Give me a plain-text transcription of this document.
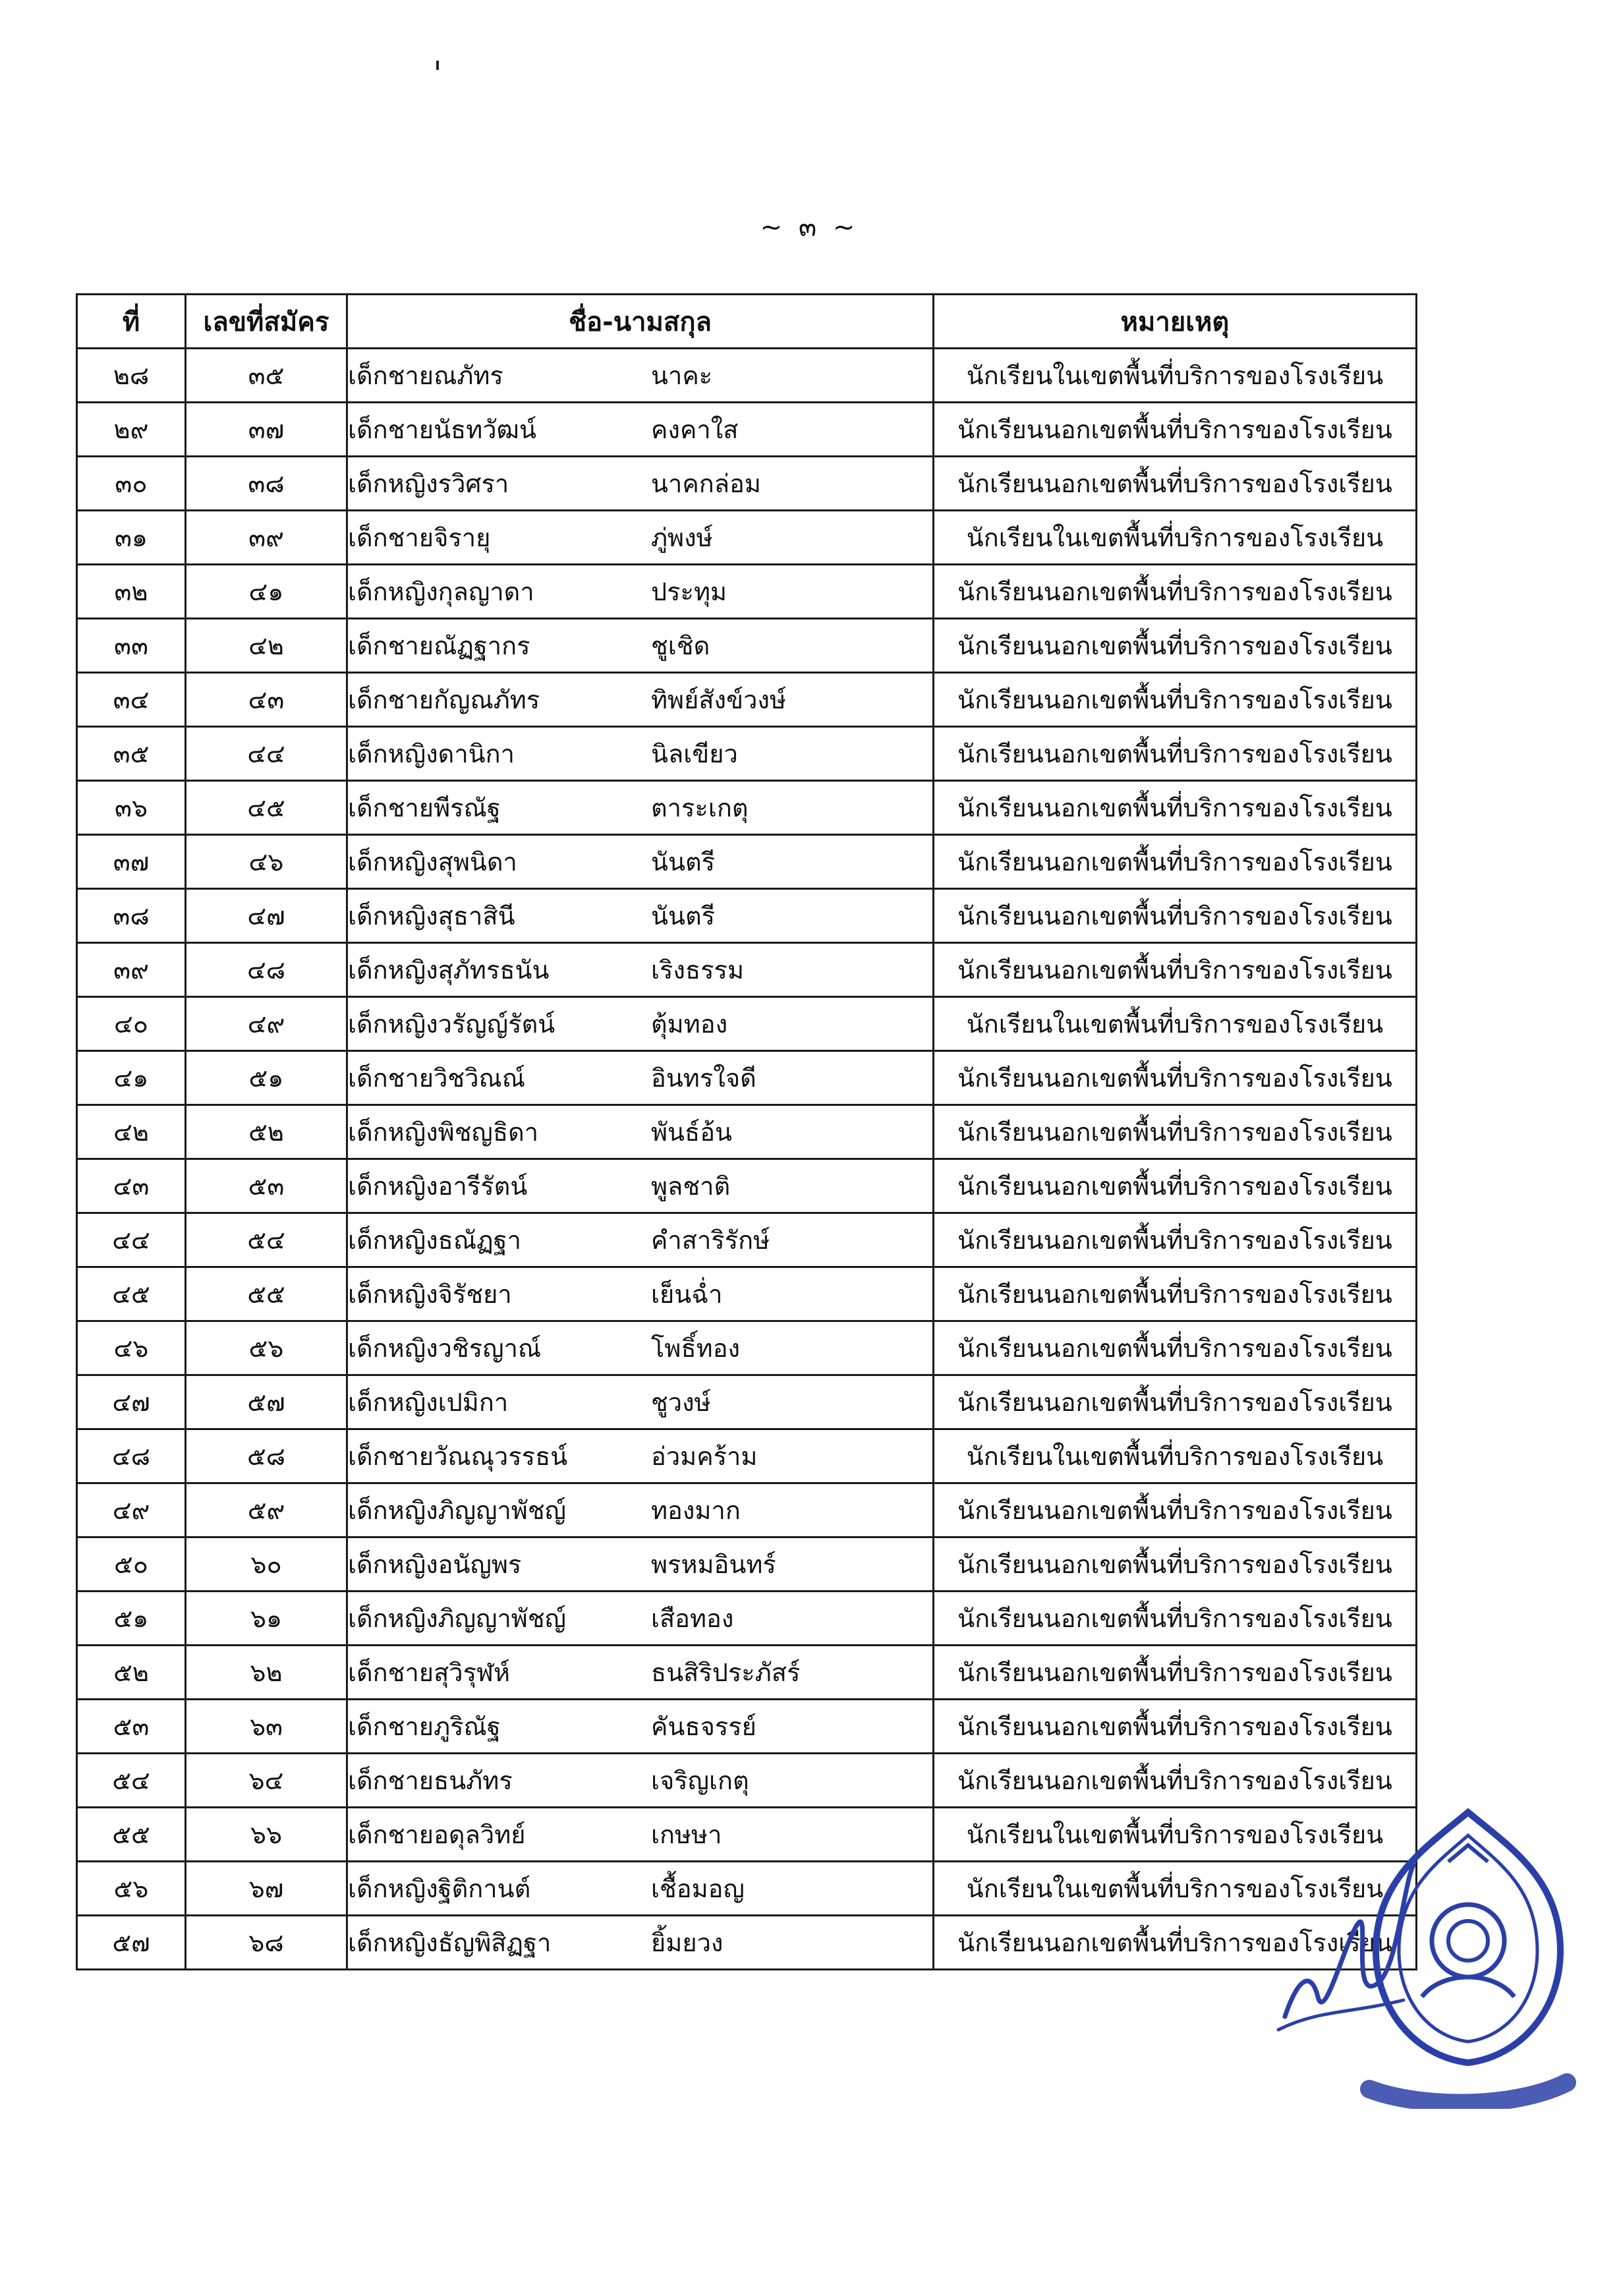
~ ๓ ~
ที่	เลขที่สมัคร	ชื่อ-นามสกุล	หมายเหตุ
๒๘	๓๕	เด็กชายณภัทร นาคะ	นักเรียนในเขตพื้นที่บริการของโรงเรียน
๒๙	๓๗	เด็กชายนัธทวัฒน์ คงคาใส	นักเรียนนอกเขตพื้นที่บริการของโรงเรียน
๓๐	๓๘	เด็กหญิงรวิศรา นาคกล่อม	นักเรียนนอกเขตพื้นที่บริการของโรงเรียน
๓๑	๓๙	เด็กชายจิรายุ ภู่พงษ์	นักเรียนในเขตพื้นที่บริการของโรงเรียน
๓๒	๔๑	เด็กหญิงกุลญาดา ประทุม	นักเรียนนอกเขตพื้นที่บริการของโรงเรียน
๓๓	๔๒	เด็กชายณัฏฐากร ชูเชิด	นักเรียนนอกเขตพื้นที่บริการของโรงเรียน
๓๔	๔๓	เด็กชายกัญณภัทร ทิพย์สังข์วงษ์	นักเรียนนอกเขตพื้นที่บริการของโรงเรียน
๓๕	๔๔	เด็กหญิงดานิกา นิลเขียว	นักเรียนนอกเขตพื้นที่บริการของโรงเรียน
๓๖	๔๕	เด็กชายพีรณัฐ ตาระเกตุ	นักเรียนนอกเขตพื้นที่บริการของโรงเรียน
๓๗	๔๖	เด็กหญิงสุพนิดา นันตรี	นักเรียนนอกเขตพื้นที่บริการของโรงเรียน
๓๘	๔๗	เด็กหญิงสุธาสินี นันตรี	นักเรียนนอกเขตพื้นที่บริการของโรงเรียน
๓๙	๔๘	เด็กหญิงสุภัทรธนัน เริงธรรม	นักเรียนนอกเขตพื้นที่บริการของโรงเรียน
๔๐	๔๙	เด็กหญิงวรัญญ์รัตน์ ตุ้มทอง	นักเรียนในเขตพื้นที่บริการของโรงเรียน
๔๑	๕๑	เด็กชายวิชวิณณ์ อินทรใจดี	นักเรียนนอกเขตพื้นที่บริการของโรงเรียน
๔๒	๕๒	เด็กหญิงพิชญธิดา พันธ์อ้น	นักเรียนนอกเขตพื้นที่บริการของโรงเรียน
๔๓	๕๓	เด็กหญิงอารีรัตน์ พูลชาติ	นักเรียนนอกเขตพื้นที่บริการของโรงเรียน
๔๔	๕๔	เด็กหญิงธณัฏฐา คำสาริรักษ์	นักเรียนนอกเขตพื้นที่บริการของโรงเรียน
๔๕	๕๕	เด็กหญิงจิรัชยา เย็นฉ่ำ	นักเรียนนอกเขตพื้นที่บริการของโรงเรียน
๔๖	๕๖	เด็กหญิงวชิรญาณ์ โพธิ์ทอง	นักเรียนนอกเขตพื้นที่บริการของโรงเรียน
๔๗	๕๗	เด็กหญิงเปมิกา ชูวงษ์	นักเรียนนอกเขตพื้นที่บริการของโรงเรียน
๔๘	๕๘	เด็กชายวัณณุวรรธน์ อ่วมคร้าม	นักเรียนในเขตพื้นที่บริการของโรงเรียน
๔๙	๕๙	เด็กหญิงภิญญาพัชญ์ ทองมาก	นักเรียนนอกเขตพื้นที่บริการของโรงเรียน
๕๐	๖๐	เด็กหญิงอนัญพร พรหมอินทร์	นักเรียนนอกเขตพื้นที่บริการของโรงเรียน
๕๑	๖๑	เด็กหญิงภิญญาพัชญ์ เสือทอง	นักเรียนนอกเขตพื้นที่บริการของโรงเรียน
๕๒	๖๒	เด็กชายสุวิรุฬห์ ธนสิริประภัสร์	นักเรียนนอกเขตพื้นที่บริการของโรงเรียน
๕๓	๖๓	เด็กชายภูริณัฐ คันธจรรย์	นักเรียนนอกเขตพื้นที่บริการของโรงเรียน
๕๔	๖๔	เด็กชายธนภัทร เจริญเกตุ	นักเรียนนอกเขตพื้นที่บริการของโรงเรียน
๕๕	๖๖	เด็กชายอดุลวิทย์ เกษษา	นักเรียนในเขตพื้นที่บริการของโรงเรียน
๕๖	๖๗	เด็กหญิงฐิติกานต์ เชื้อมอญ	นักเรียนในเขตพื้นที่บริการของโรงเรียน
๕๗	๖๘	เด็กหญิงธัญพิสิฏฐา ยิ้มยวง	นักเรียนนอกเขตพื้นที่บริการของโรงเรียน
